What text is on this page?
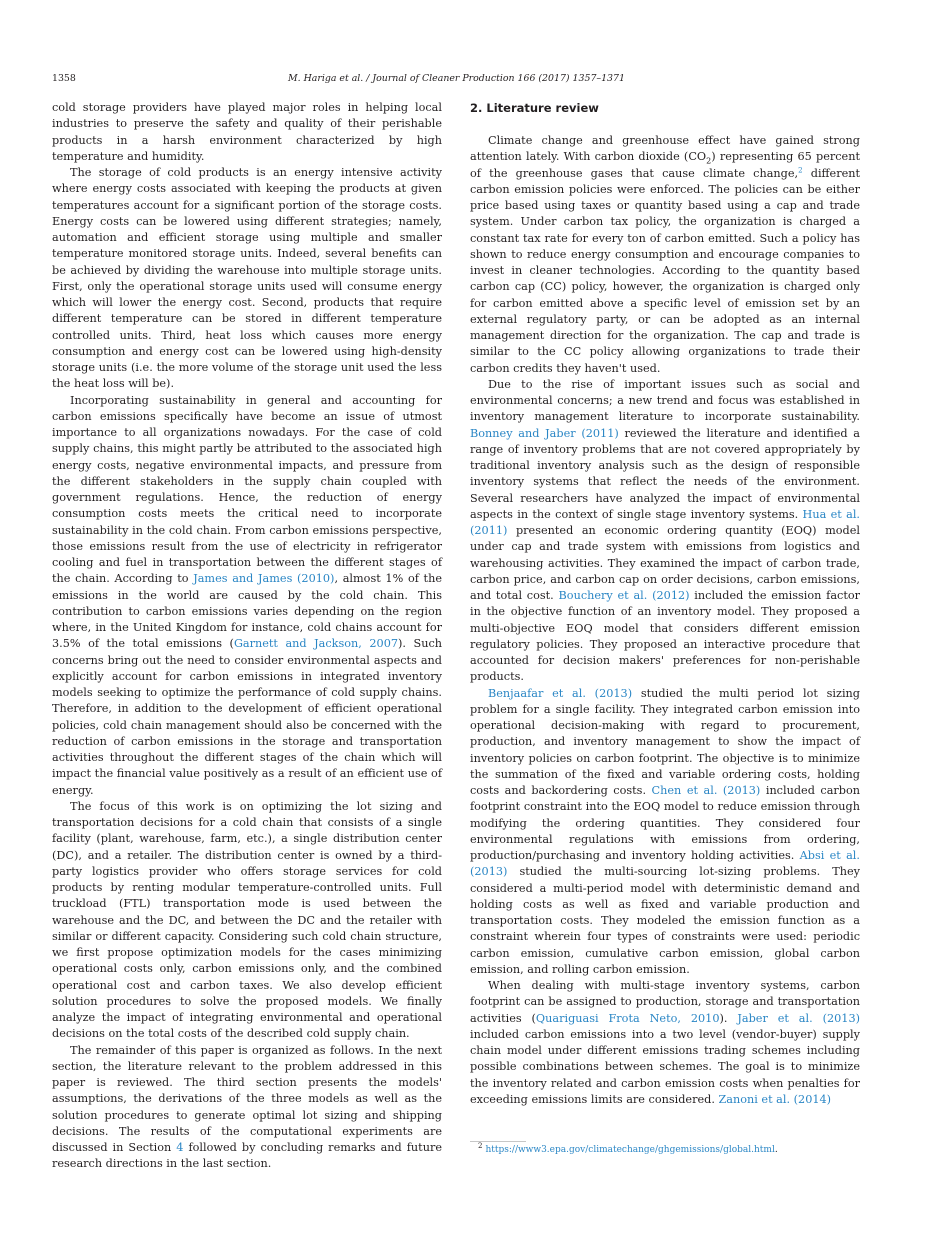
1358	M. Hariga et al. / Journal of Cleaner Production 166 (2017) 1357–1371

cold storage providers have played major roles in helping local industries to preserve the safety and quality of their perishable products in a harsh environment characterized by high temperature and humidity.

The storage of cold products is an energy intensive activity where energy costs associated with keeping the products at given temperatures account for a significant portion of the storage costs. Energy costs can be lowered using different strategies; namely, automation and efficient storage using multiple and smaller temperature monitored storage units. Indeed, several benefits can be achieved by dividing the warehouse into multiple storage units. First, only the operational storage units used will consume energy which will lower the energy cost. Second, products that require different temperature can be stored in different temperature controlled units. Third, heat loss which causes more energy consumption and energy cost can be lowered using high-density storage units (i.e. the more volume of the storage unit used the less the heat loss will be).

Incorporating sustainability in general and accounting for carbon emissions specifically have become an issue of utmost importance to all organizations nowadays. For the case of cold supply chains, this might partly be attributed to the associated high energy costs, negative environmental impacts, and pressure from the different stakeholders in the supply chain coupled with government regulations. Hence, the reduction of energy consumption costs meets the critical need to incorporate sustainability in the cold chain. From carbon emissions perspective, those emissions result from the use of electricity in refrigerator cooling and fuel in transportation between the different stages of the chain. According to James and James (2010), almost 1% of the emissions in the world are caused by the cold chain. This contribution to carbon emissions varies depending on the region where, in the United Kingdom for instance, cold chains account for 3.5% of the total emissions (Garnett and Jackson, 2007). Such concerns bring out the need to consider environmental aspects and explicitly account for carbon emissions in integrated inventory models seeking to optimize the performance of cold supply chains. Therefore, in addition to the development of efficient operational policies, cold chain management should also be concerned with the reduction of carbon emissions in the storage and transportation activities throughout the different stages of the chain which will impact the financial value positively as a result of an efficient use of energy.

The focus of this work is on optimizing the lot sizing and transportation decisions for a cold chain that consists of a single facility (plant, warehouse, farm, etc.), a single distribution center (DC), and a retailer. The distribution center is owned by a third-party logistics provider who offers storage services for cold products by renting modular temperature-controlled units. Full truckload (FTL) transportation mode is used between the warehouse and the DC, and between the DC and the retailer with similar or different capacity. Considering such cold chain structure, we first propose optimization models for the cases minimizing operational costs only, carbon emissions only, and the combined operational cost and carbon taxes. We also develop efficient solution procedures to solve the proposed models. We finally analyze the impact of integrating environmental and operational decisions on the total costs of the described cold supply chain.

The remainder of this paper is organized as follows. In the next section, the literature relevant to the problem addressed in this paper is reviewed. The third section presents the models' assumptions, the derivations of the three models as well as the solution procedures to generate optimal lot sizing and shipping decisions. The results of the computational experiments are discussed in Section 4 followed by concluding remarks and future research directions in the last section.

2. Literature review

Climate change and greenhouse effect have gained strong attention lately. With carbon dioxide $(CO_2)$ representing 65 percent of the greenhouse gases that cause climate change,$^2$ different carbon emission policies were enforced. The policies can be either price based using taxes or quantity based using a cap and trade system. Under carbon tax policy, the organization is charged a constant tax rate for every ton of carbon emitted. Such a policy has shown to reduce energy consumption and encourage companies to invest in cleaner technologies. According to the quantity based carbon cap (CC) policy, however, the organization is charged only for carbon emitted above a specific level of emission set by an external regulatory party, or can be adopted as an internal management direction for the organization. The cap and trade is similar to the CC policy allowing organizations to trade their carbon credits they haven't used.

Due to the rise of important issues such as social and environmental concerns; a new trend and focus was established in inventory management literature to incorporate sustainability. Bonney and Jaber (2011) reviewed the literature and identified a range of inventory problems that are not covered appropriately by traditional inventory analysis such as the design of responsible inventory systems that reflect the needs of the environment. Several researchers have analyzed the impact of environmental aspects in the context of single stage inventory systems. Hua et al. (2011) presented an economic ordering quantity (EOQ) model under cap and trade system with emissions from logistics and warehousing activities. They examined the impact of carbon trade, carbon price, and carbon cap on order decisions, carbon emissions, and total cost. Bouchery et al. (2012) included the emission factor in the objective function of an inventory model. They proposed a multi-objective EOQ model that considers different emission regulatory policies. They proposed an interactive procedure that accounted for decision makers' preferences for non-perishable products.

Benjaafar et al. (2013) studied the multi period lot sizing problem for a single facility. They integrated carbon emission into operational decision-making with regard to procurement, production, and inventory management to show the impact of inventory policies on carbon footprint. The objective is to minimize the summation of the fixed and variable ordering costs, holding costs and backordering costs. Chen et al. (2013) included carbon footprint constraint into the EOQ model to reduce emission through modifying the ordering quantities. They considered four environmental regulations with emissions from ordering, production/purchasing and inventory holding activities. Absi et al. (2013) studied the multi-sourcing lot-sizing problems. They considered a multi-period model with deterministic demand and holding costs as well as fixed and variable production and transportation costs. They modeled the emission function as a constraint wherein four types of constraints were used: periodic carbon emission, cumulative carbon emission, global carbon emission, and rolling carbon emission.

When dealing with multi-stage inventory systems, carbon footprint can be assigned to production, storage and transportation activities (Quariguasi Frota Neto, 2010). Jaber et al. (2013) included carbon emissions into a two level (vendor-buyer) supply chain model under different emissions trading schemes including possible combinations between schemes. The goal is to minimize the inventory related and carbon emission costs when penalties for exceeding emissions limits are considered. Zanoni et al. (2014)

$^2$ https://www3.epa.gov/climatechange/ghgemissions/global.html.
